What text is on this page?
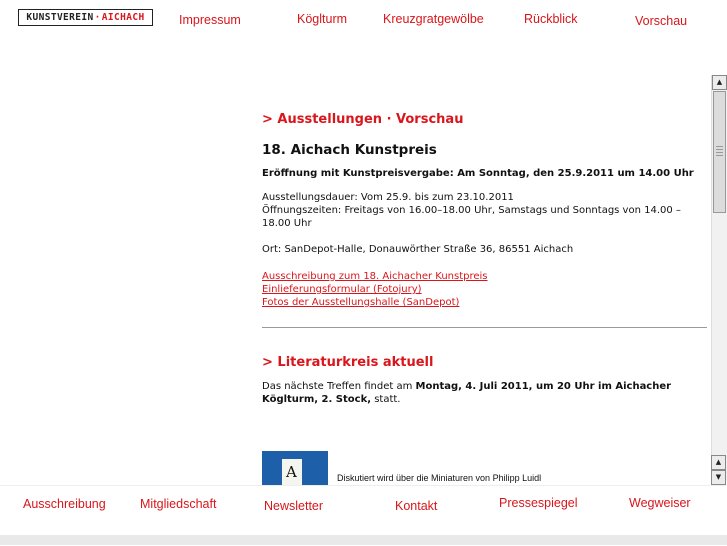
KUNSTVEREIN · AICHACH	Impressum	Köglturm	Kreuzgratgewölbe	Rückblick	Vorschau
> Ausstellungen · Vorschau
18. Aichach Kunstpreis

Eröffnung mit Kunstpreisvergabe: Am Sonntag, den 25.9.2011 um 14.00 Uhr

Ausstellungsdauer: Vom 25.9. bis zum 23.10.2011

Öffnungszeiten: Freitags von 16.00–18.00 Uhr, Samstags und Sonntags von 14.00 –18.00 Uhr

Ort: SanDepot-Halle, Donauwörther Straße 36, 86551 Aichach

Ausschreibung zum 18. Aichacher Kunstpreis
Einlieferungsformular (Fotojury)
Fotos der Ausstellungshalle (SanDepot)
> Literaturkreis aktuell

Das nächste Treffen findet am Montag, 4. Juli 2011, um 20 Uhr im Aichacher Köglturm, 2. Stock, statt.

A	Diskutiert wird über die Miniaturen von Philipp Luidl
▲
▲
▼
Ausschreibung	Mitgliedschaft	Newsletter	Kontakt	Pressespiegel	Wegweiser
